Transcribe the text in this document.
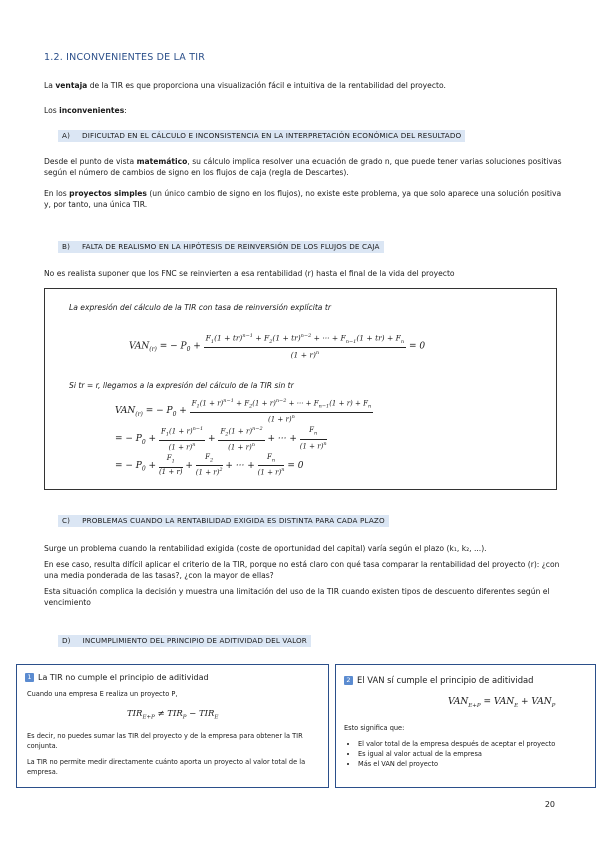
1.2. INCONVENIENTES DE LA TIR
La ventaja de la TIR es que proporciona una visualización fácil e intuitiva de la rentabilidad del proyecto.
Los inconvenientes:
A) DIFICULTAD EN EL CÁLCULO E INCONSISTENCIA EN LA INTERPRETACIÓN ECONÓMICA DEL RESULTADO
Desde el punto de vista matemático, su cálculo implica resolver una ecuación de grado n, que puede tener varias soluciones positivas según el número de cambios de signo en los flujos de caja (regla de Descartes).
En los proyectos simples (un único cambio de signo en los flujos), no existe este problema, ya que solo aparece una solución positiva y, por tanto, una única TIR.
B) FALTA DE REALISMO EN LA HIPÓTESIS DE REINVERSIÓN DE LOS FLUJOS DE CAJA
No es realista suponer que los FNC se reinvierten a esa rentabilidad (r) hasta el final de la vida del proyecto
La expresión del cálculo de la TIR con tasa de reinversión explícita tr
$VAN_{(r)}$ = − $P_0 + \frac{F_1(1 + tr)^{n-1} + F_2(1 + tr)^{n-2} + \cdot\cdot\cdot + F_{n-1}(1 + tr) + F_n}{(1 + r)^n} = 0$
Si tr = r, llegamos a la expresión del cálculo de la TIR sin tr
$VAN_{(r)}$ = − $P_0 + \frac{F_1(1 + r)^{n-1} + F_2(1 + r)^{n-2} + \cdot\cdot\cdot + F_{n-1}(1 + r) + F_n}{(1 + r)^n}$
= − $P_0 + \frac{F_1(1 + r)^{n-1}}{(1 + r)^n} + \frac{F_2(1 + r)^{n-2}}{(1 + r)^n}$ + ··· + $\frac{F_n}{(1 + r)^n}$
= − $P_0 + \frac{F_1}{(1 + r)} + \frac{F_2}{(1 + r)^2}$ + ··· + $\frac{F_n}{(1 + r)^n} = 0$
C) PROBLEMAS CUANDO LA RENTABILIDAD EXIGIDA ES DISTINTA PARA CADA PLAZO
Surge un problema cuando la rentabilidad exigida (coste de oportunidad del capital) varía según el plazo (k₁, k₂, ...).
En ese caso, resulta difícil aplicar el criterio de la TIR, porque no está claro con qué tasa comparar la rentabilidad del proyecto (r): ¿con una media ponderada de las tasas?, ¿con la mayor de ellas?
Esta situación complica la decisión y muestra una limitación del uso de la TIR cuando existen tipos de descuento diferentes según el vencimiento
D) INCUMPLIMIENTO DEL PRINCIPIO DE ADITIVIDAD DEL VALOR
1 La TIR no cumple el principio de aditividad
Cuando una empresa E realiza un proyecto P,
$TIR_{E+P} \ne TIR_P - TIR_E$
Es decir, no puedes sumar las TIR del proyecto y de la empresa para obtener la TIR conjunta.
La TIR no permite medir directamente cuánto aporta un proyecto al valor total de la empresa.
2 El VAN sí cumple el principio de aditividad
$VAN_{E+P} = VAN_E + VAN_P$
Esto significa que:
• El valor total de la empresa después de aceptar el proyecto
• Es igual al valor actual de la empresa
• Más el VAN del proyecto
20
